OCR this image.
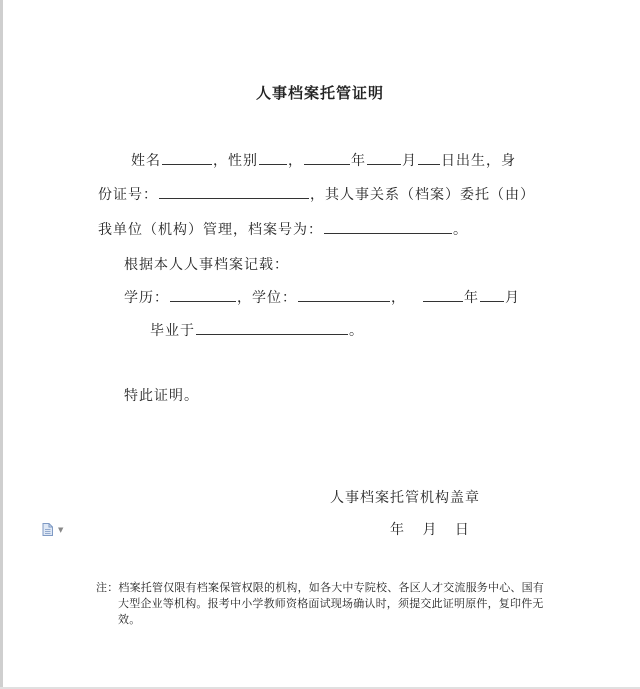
人事档案托管证明
姓名	，性别 ，	年	月 日出生，身
份证号：	，其人事关系（档案）委托（由）
我单位（机构）管理，档案号为：	。
根据本人人事档案记载：
学历：	，学位：	，	年 月
毕业于	。
特此证明。
人事档案托管机构盖章
年 月 日
▼
注：档案托管仅限有档案保管权限的机构，如各大中专院校、各区人才交流服务中心、国有
大型企业等机构。报考中小学教师资格面试现场确认时，须提交此证明原件，复印件无
效。
